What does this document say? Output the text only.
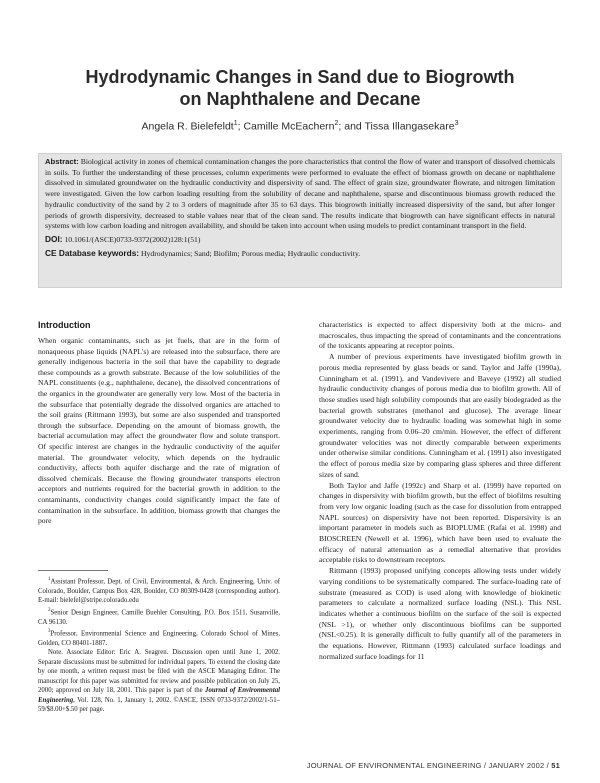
Hydrodynamic Changes in Sand due to Biogrowth
on Naphthalene and Decane
Angela R. Bielefeldt$^1$; Camille McEachern$^2$; and Tissa Illangasekare$^3$
Abstract: Biological activity in zones of chemical contamination changes the pore characteristics that control the flow of water and transport of dissolved chemicals in soils. To further the understanding of these processes, column experiments were performed to evaluate the effect of biomass growth on decane or naphthalene dissolved in simulated groundwater on the hydraulic conductivity and dispersivity of sand. The effect of grain size, groundwater flowrate, and nitrogen limitation were investigated. Given the low carbon loading resulting from the solubility of decane and naphthalene, sparse and discontinuous biomass growth reduced the hydraulic conductivity of the sand by 2 to 3 orders of magnitude after 35 to 63 days. This biogrowth initially increased dispersivity of the sand, but after longer periods of growth dispersivity, decreased to stable values near that of the clean sand. The results indicate that biogrowth can have significant effects in natural systems with low carbon loading and nitrogen availability, and should be taken into account when using models to predict contaminant transport in the field.
DOI: 10.1061/(ASCE)0733-9372(2002)128:1(51)
CE Database keywords: Hydrodynamics; Sand; Biofilm; Porous media; Hydraulic conductivity.
Introduction

When organic contaminants, such as jet fuels, that are in the form of nonaqueous phase liquids (NAPL's) are released into the subsurface, there are generally indigenous bacteria in the soil that have the capability to degrade these compounds as a growth substrate. Because of the low solubilities of the NAPL constituents (e.g., naphthalene, decane), the dissolved concentrations of the organics in the groundwater are generally very low. Most of the bacteria in the subsurface that potentially degrade the dissolved organics are attached to the soil grains (Rittmann 1993), but some are also suspended and transported through the subsurface. Depending on the amount of biomass growth, the bacterial accumulation may affect the groundwater flow and solute transport. Of specific interest are changes in the hydraulic conductivity of the aquifer material. The groundwater velocity, which depends on the hydraulic conductivity, affects both aquifer discharge and the rate of migration of dissolved chemicals. Because the flowing groundwater transports electron acceptors and nutrients required for the bacterial growth in addition to the contaminants, conductivity changes could significantly impact the fate of contamination in the subsurface. In addition, biomass growth that changes the pore

$^1$Assistant Professor, Dept. of Civil, Environmental, & Arch. Engineering, Univ. of Colorado, Boulder, Campus Box 428, Boulder, CO 80309-0428 (corresponding author). E-mail: bielefel@stripe.colorado.edu

$^2$Senior Design Engineer, Camille Buehler Consulting, P.O. Box 1511, Susanville, CA 96130.

$^3$Professor, Environmental Science and Engineering, Colorado School of Mines, Golden, CO 80401-1887.

Note. Associate Editor: Eric A. Seagren. Discussion open until June 1, 2002. Separate discussions must be submitted for individual papers. To extend the closing date by one month, a written request must be filed with the ASCE Managing Editor. The manuscript for this paper was submitted for review and possible publication on July 25, 2000; approved on July 18, 2001. This paper is part of the Journal of Environmental Engineering, Vol. 128, No. 1, January 1, 2002. ©ASCE, ISSN 0733-9372/2002/1-51–59/$8.00+$.50 per page.

characteristics is expected to affect dispersivity both at the micro- and macroscales, thus impacting the spread of contaminants and the concentrations of the toxicants appearing at receptor points.

A number of previous experiments have investigated biofilm growth in porous media represented by glass beads or sand. Taylor and Jaffe (1990a), Cunningham et al. (1991), and Vandevivere and Baveye (1992) all studied hydraulic conductivity changes of porous media due to biofilm growth. All of those studies used high solubility compounds that are easily biodegraded as the bacterial growth substrates (methanol and glucose). The average linear groundwater velocity due to hydraulic loading was somewhat high in some experiments, ranging from 0.06–20 cm/min. However, the effect of different groundwater velocities was not directly comparable between experiments under otherwise similar conditions. Cunningham et al. (1991) also investigated the effect of porous media size by comparing glass spheres and three different sizes of sand.

Both Taylor and Jaffe (1992c) and Sharp et al. (1999) have reported on changes in dispersivity with biofilm growth, but the effect of biofilms resulting from very low organic loading (such as the case for dissolution from entrapped NAPL sources) on dispersivity have not been reported. Dispersivity is an important parameter in models such as BIOPLUME (Rafai et al. 1998) and BIOSCREEN (Newell et al. 1996), which have been used to evaluate the efficacy of natural attenuation as a remedial alternative that provides acceptable risks to downstream receptors.

Rittmann (1993) proposed unifying concepts allowing tests under widely varying conditions to be systematically compared. The surface-loading rate of substrate (measured as COD) is used along with knowledge of biokinetic parameters to calculate a normalized surface loading (NSL). This NSL indicates whether a continuous biofilm on the surface of the soil is expected (NSL >1), or whether only discontinuous biofilms can be supported (NSL<0.25). It is generally difficult to fully quantify all of the parameters in the equations. However, Rittmann (1993) calculated surface loadings and normalized surface loadings for 11

JOURNAL OF ENVIRONMENTAL ENGINEERING / JANUARY 2002 / 51
